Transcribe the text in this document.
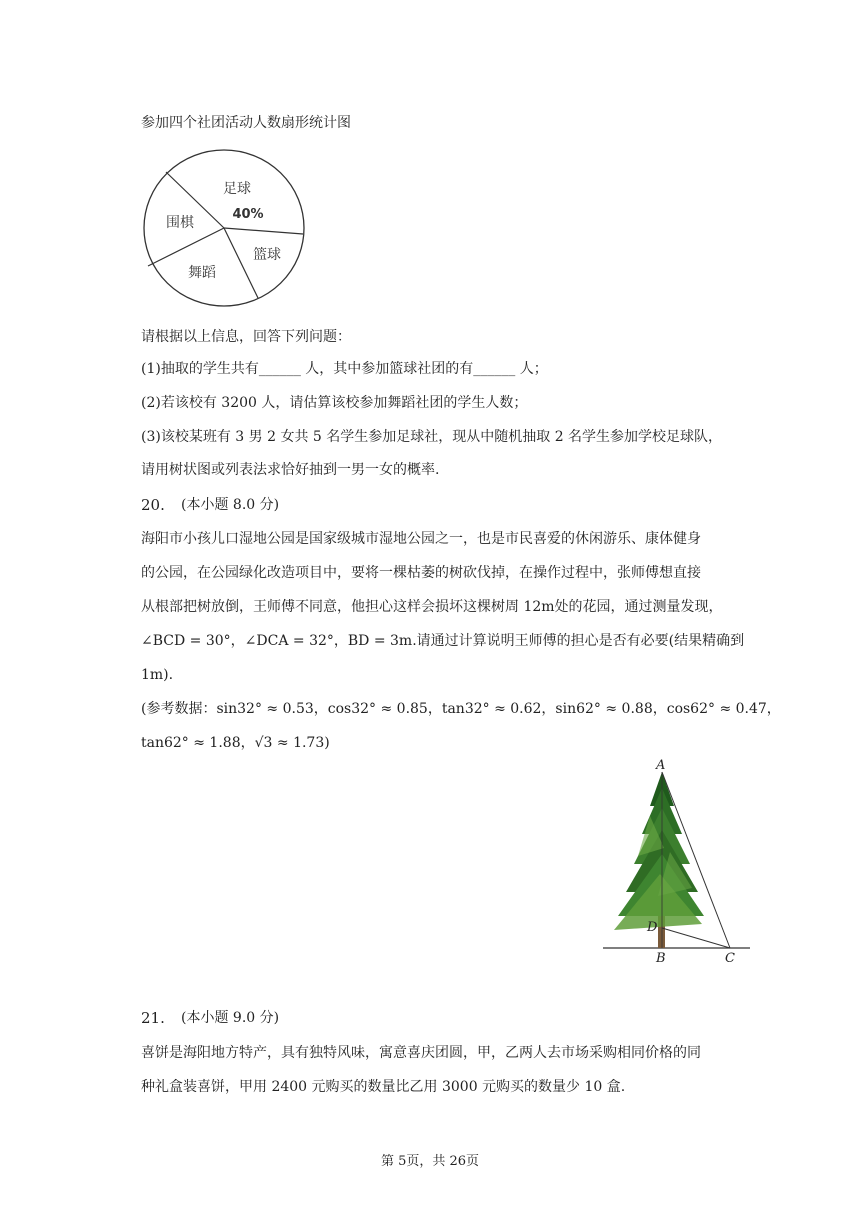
参加四个社团活动人数扇形统计图
足球
40%
围棋
篮球
舞蹈
请根据以上信息，回答下列问题：
(1)抽取的学生共有______ 人，其中参加篮球社团的有______ 人；
(2)若该校有 3200 人，请估算该校参加舞蹈社团的学生人数；
(3)该校某班有 3 男 2 女共 5 名学生参加足球社，现从中随机抽取 2 名学生参加学校足球队，
请用树状图或列表法求恰好抽到一男一女的概率.
20. (本小题 8.0 分)
海阳市小孩儿口湿地公园是国家级城市湿地公园之一，也是市民喜爱的休闲游乐、康体健身
的公园，在公园绿化改造项目中，要将一棵枯萎的树砍伐掉，在操作过程中，张师傅想直接
从根部把树放倒，王师傅不同意，他担心这样会损坏这棵树周 12m处的花园，通过测量发现，
∠BCD = 30°，∠DCA = 32°，BD = 3m.请通过计算说明王师傅的担心是否有必要(结果精确到
1m).
(参考数据：sin32° ≈ 0.53，cos32° ≈ 0.85，tan32° ≈ 0.62，sin62° ≈ 0.88，cos62° ≈ 0.47，
tan62° ≈ 1.88，√3 ≈ 1.73)
A
D
B	C
21. (本小题 9.0 分)
喜饼是海阳地方特产，具有独特风味，寓意喜庆团圆，甲，乙两人去市场采购相同价格的同
种礼盒装喜饼，甲用 2400 元购买的数量比乙用 3000 元购买的数量少 10 盒.
第 5页，共 26页
